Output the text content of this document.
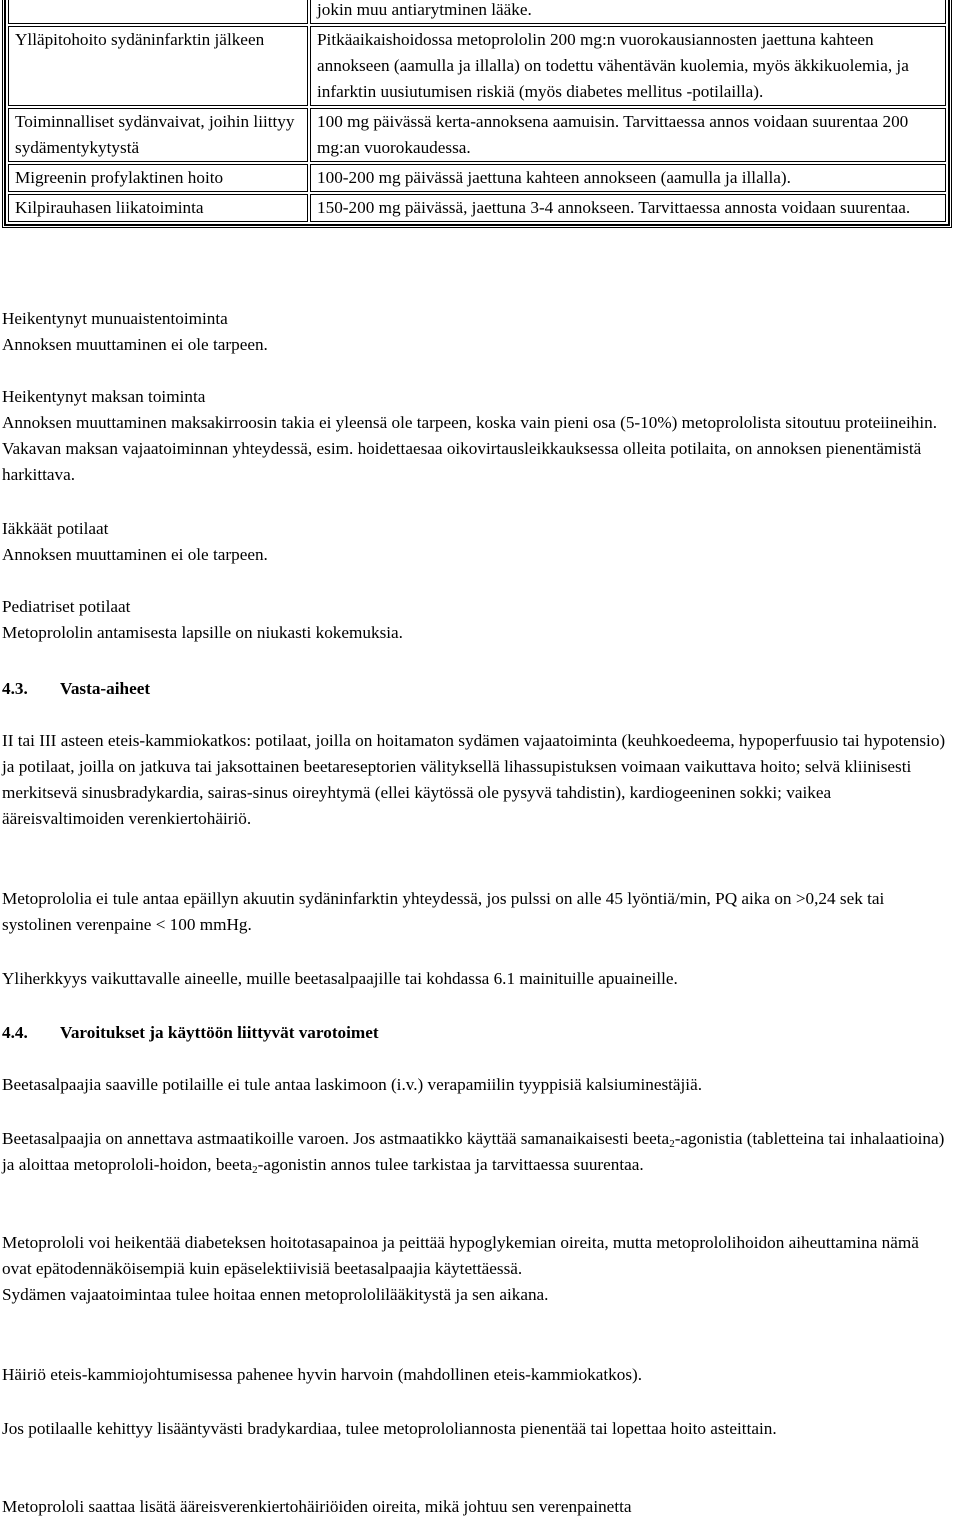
	jokin muu antiarytminen lääke.
Ylläpitohoito sydäninfarktin jälkeen	Pitkäaikaishoidossa metoprololin 200 mg:n vuorokausiannosten jaettuna kahteen annokseen (aamulla ja illalla) on todettu vähentävän kuolemia, myös äkkikuolemia, ja infarktin uusiutumisen riskiä (myös diabetes mellitus -potilailla).
Toiminnalliset sydänvaivat, joihin liittyy sydämentykytystä	100 mg päivässä kerta-annoksena aamuisin. Tarvittaessa annos voidaan suurentaa 200 mg:an vuorokaudessa.
Migreenin profylaktinen hoito	100-200 mg päivässä jaettuna kahteen annokseen (aamulla ja illalla).
Kilpirauhasen liikatoiminta	150-200 mg päivässä, jaettuna 3-4 annokseen. Tarvittaessa annosta voidaan suurentaa.

Heikentynyt munuaistentoiminta

Annoksen muuttaminen ei ole tarpeen.

Heikentynyt maksan toiminta

Annoksen muuttaminen maksakirroosin takia ei yleensä ole tarpeen, koska vain pieni osa (5-10%) metoprololista sitoutuu proteiineihin. Vakavan maksan vajaatoiminnan yhteydessä, esim. hoidettaesaa oikovirtausleikkauksessa olleita potilaita, on annoksen pienentämistä harkittava.

Iäkkäät potilaat

Annoksen muuttaminen ei ole tarpeen.

Pediatriset potilaat

Metoprololin antamisesta lapsille on niukasti kokemuksia.

4.3. Vasta-aiheet

II tai III asteen eteis-kammiokatkos: potilaat, joilla on hoitamaton sydämen vajaatoiminta (keuhkoedeema, hypoperfuusio tai hypotensio) ja potilaat, joilla on jatkuva tai jaksottainen beetareseptorien välityksellä lihassupistuksen voimaan vaikuttava hoito; selvä kliinisesti merkitsevä sinusbradykardia, sairas-sinus oireyhtymä (ellei käytössä ole pysyvä tahdistin), kardiogeeninen sokki; vaikea ääreisvaltimoiden verenkiertohäiriö.

Metoprololia ei tule antaa epäillyn akuutin sydäninfarktin yhteydessä, jos pulssi on alle 45 lyöntiä/min, PQ aika on >0,24 sek tai systolinen verenpaine < 100 mmHg.

Yliherkkyys vaikuttavalle aineelle, muille beetasalpaajille tai kohdassa 6.1 mainituille apuaineille.

4.4. Varoitukset ja käyttöön liittyvät varotoimet

Beetasalpaajia saaville potilaille ei tule antaa laskimoon (i.v.) verapamiilin tyyppisiä kalsiuminestäjiä.

Beetasalpaajia on annettava astmaatikoille varoen. Jos astmaatikko käyttää samanaikaisesti beeta$_2$-agonistia (tabletteina tai inhalaatioina) ja aloittaa metoprololi-hoidon, beeta$_2$-agonistin annos tulee tarkistaa ja tarvittaessa suurentaa.

Metoprololi voi heikentää diabeteksen hoitotasapainoa ja peittää hypoglykemian oireita, mutta metoprololihoidon aiheuttamina nämä ovat epätodennäköisempiä kuin epäselektiivisiä beetasalpaajia käytettäessä.

Sydämen vajaatoimintaa tulee hoitaa ennen metoprololilääkitystä ja sen aikana.

Häiriö eteis-kammiojohtumisessa pahenee hyvin harvoin (mahdollinen eteis-kammiokatkos).

Jos potilaalle kehittyy lisääntyvästi bradykardiaa, tulee metoprololiannosta pienentää tai lopettaa hoito asteittain.

Metoprololi saattaa lisätä ääreisverenkiertohäiriöiden oireita, mikä johtuu sen verenpainetta
